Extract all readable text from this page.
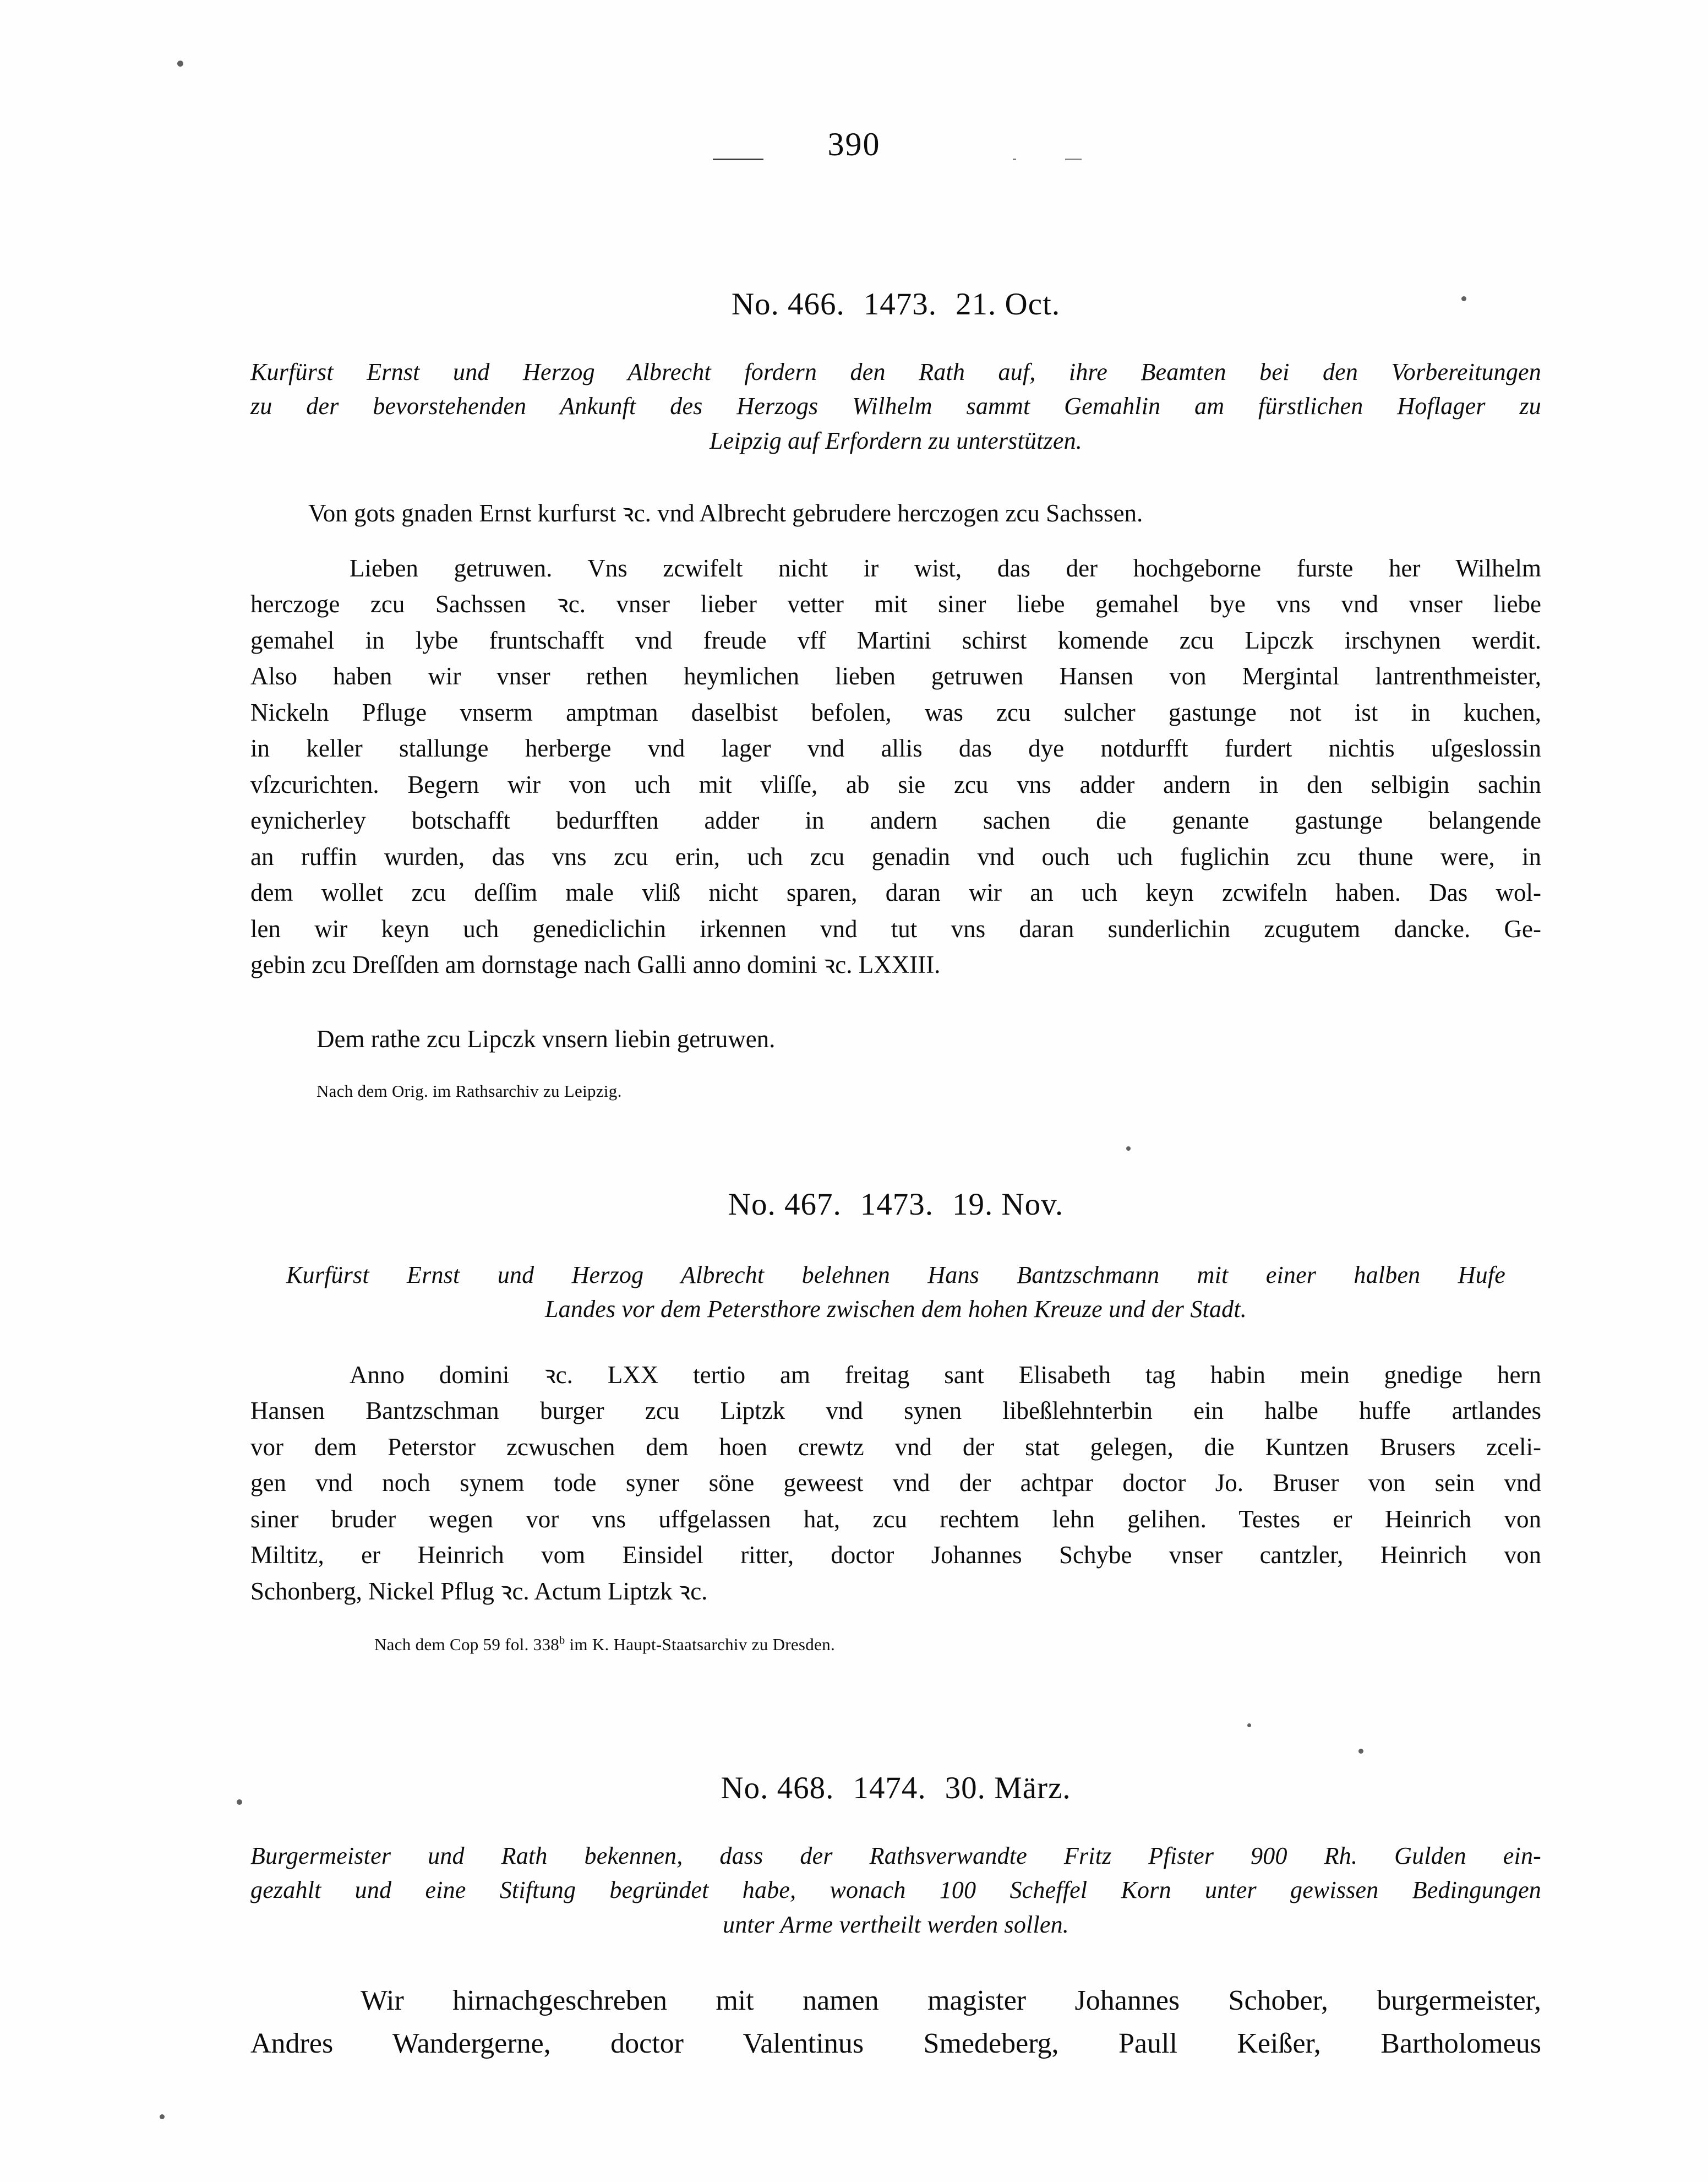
390
No. 466. 1473. 21. Oct.
Kurfürst Ernst und Herzog Albrecht fordern den Rath auf, ihre Beamten bei den Vorbereitungen
zu der bevorstehenden Ankunft des Herzogs Wilhelm sammt Gemahlin am fürstlichen Hoflager zu
Leipzig auf Erfordern zu unterstützen.
Von gots gnaden Ernst kurfurst ꝛc. vnd Albrecht gebrudere herczogen zcu Sachssen.
Lieben getruwen. Vns zcwifelt nicht ir wist, das der hochgeborne furste her Wilhelm
herczoge zcu Sachssen ꝛc. vnser lieber vetter mit siner liebe gemahel bye vns vnd vnser liebe
gemahel in lybe fruntschafft vnd freude vff Martini schirst komende zcu Lipczk irschynen werdit.
Also haben wir vnser rethen heymlichen lieben getruwen Hansen von Mergintal lantrenthmeister,
Nickeln Pfluge vnserm amptman daselbist befolen, was zcu sulcher gastunge not ist in kuchen,
in keller stallunge herberge vnd lager vnd allis das dye notdurfft furdert nichtis uſgeslossin
vſzcurichten. Begern wir von uch mit vliſſe, ab sie zcu vns adder andern in den selbigin sachin
eynicherley botschafft bedurfften adder in andern sachen die genante gastunge belangende
an ruffin wurden, das vns zcu erin, uch zcu genadin vnd ouch uch fuglichin zcu thune were, in
dem wollet zcu deſſim male vliß nicht sparen, daran wir an uch keyn zcwifeln haben. Das wol-
len wir keyn uch genediclichin irkennen vnd tut vns daran sunderlichin zcugutem dancke. Ge-
gebin zcu Dreſſden am dornstage nach Galli anno domini ꝛc. LXXIII.
Dem rathe zcu Lipczk vnsern liebin getruwen.
Nach dem Orig. im Rathsarchiv zu Leipzig.
No. 467. 1473. 19. Nov.
Kurfürst Ernst und Herzog Albrecht belehnen Hans Bantzschmann mit einer halben Hufe
Landes vor dem Petersthore zwischen dem hohen Kreuze und der Stadt.
Anno domini ꝛc. LXX tertio am freitag sant Elisabeth tag habin mein gnedige hern
Hansen Bantzschman burger zcu Liptzk vnd synen libeßlehnterbin ein halbe huffe artlandes
vor dem Peterstor zcwuschen dem hoen crewtz vnd der stat gelegen, die Kuntzen Brusers zceli-
gen vnd noch synem tode syner söne geweest vnd der achtpar doctor Jo. Bruser von sein vnd
siner bruder wegen vor vns uffgelassen hat, zcu rechtem lehn gelihen. Testes er Heinrich von
Miltitz, er Heinrich vom Einsidel ritter, doctor Johannes Schybe vnser cantzler, Heinrich von
Schonberg, Nickel Pflug ꝛc. Actum Liptzk ꝛc.
Nach dem Cop 59 fol. 338$^b$ im K. Haupt-Staatsarchiv zu Dresden.
No. 468. 1474. 30. März.
Burgermeister und Rath bekennen, dass der Rathsverwandte Fritz Pfister 900 Rh. Gulden ein-
gezahlt und eine Stiftung begründet habe, wonach 100 Scheffel Korn unter gewissen Bedingungen
unter Arme vertheilt werden sollen.
Wir hirnachgeschreben mit namen magister Johannes Schober, burgermeister,
Andres Wandergerne, doctor Valentinus Smedeberg, Paull Keißer, Bartholomeus
